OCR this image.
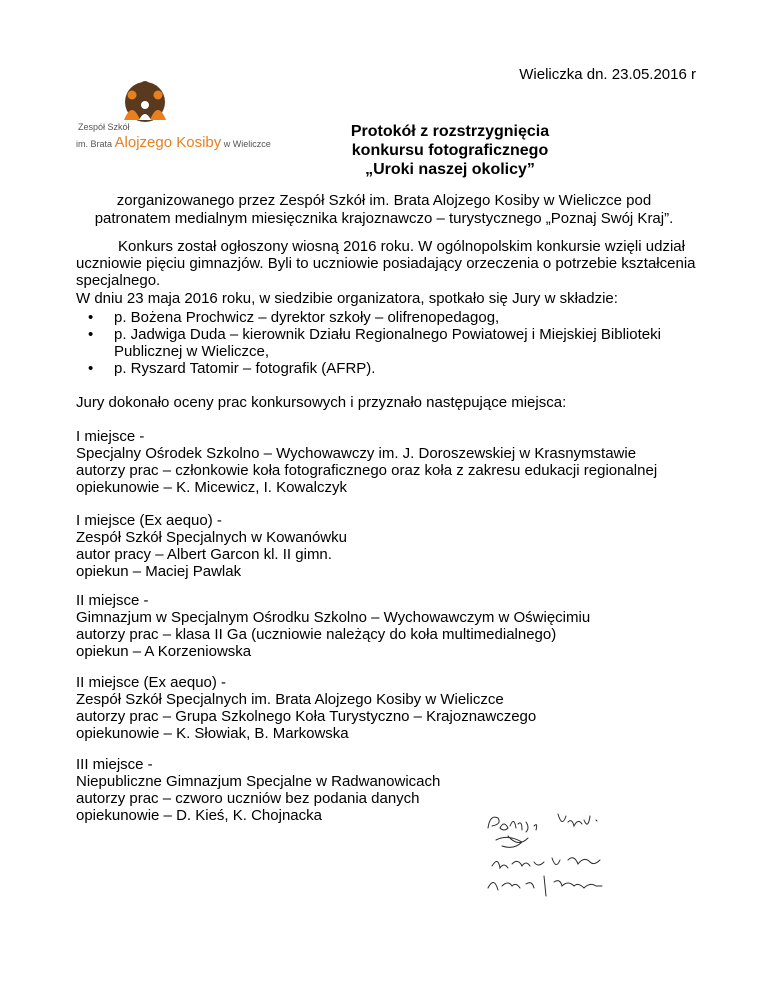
Wieliczka dn. 23.05.2016 r
Zespół Szkół
im. Brata Alojzego Kosiby w Wieliczce
Protokół z rozstrzygnięcia
konkursu fotograficznego
„Uroki naszej okolicy”
zorganizowanego przez Zespół Szkół im. Brata Alojzego Kosiby w Wieliczce pod
patronatem medialnym miesięcznika krajoznawczo – turystycznego „Poznaj Swój Kraj”.
Konkurs został ogłoszony wiosną 2016 roku. W ogólnopolskim konkursie wzięli udział uczniowie pięciu gimnazjów. Byli to uczniowie posiadający orzeczenia o potrzebie kształcenia specjalnego.
W dniu 23 maja 2016 roku, w siedzibie organizatora, spotkało się Jury w składzie:
• p. Bożena Prochwicz – dyrektor szkoły – olifrenopedagog,
• p. Jadwiga Duda – kierownik Działu Regionalnego Powiatowej i Miejskiej Biblioteki Publicznej w Wieliczce,
• p. Ryszard Tatomir – fotografik (AFRP).
Jury dokonało oceny prac konkursowych i przyznało następujące miejsca:
I miejsce -
Specjalny Ośrodek Szkolno – Wychowawczy im. J. Doroszewskiej w Krasnymstawie
autorzy prac – członkowie koła fotograficznego oraz koła z zakresu edukacji regionalnej
opiekunowie – K. Micewicz, I. Kowalczyk
I miejsce (Ex aequo) -
Zespół Szkół Specjalnych w Kowanówku
autor pracy – Albert Garcon kl. II gimn.
opiekun – Maciej Pawlak
II miejsce -
Gimnazjum w Specjalnym Ośrodku Szkolno – Wychowawczym w Oświęcimiu
autorzy prac – klasa II Ga (uczniowie należący do koła multimedialnego)
opiekun – A Korzeniowska
II miejsce (Ex aequo) -
Zespół Szkół Specjalnych im. Brata Alojzego Kosiby w Wieliczce
autorzy prac – Grupa Szkolnego Koła Turystyczno – Krajoznawczego
opiekunowie – K. Słowiak, B. Markowska
III miejsce -
Niepubliczne Gimnazjum Specjalne w Radwanowicach
autorzy prac – czworo uczniów bez podania danych
opiekunowie – D. Kieś, K. Chojnacka
